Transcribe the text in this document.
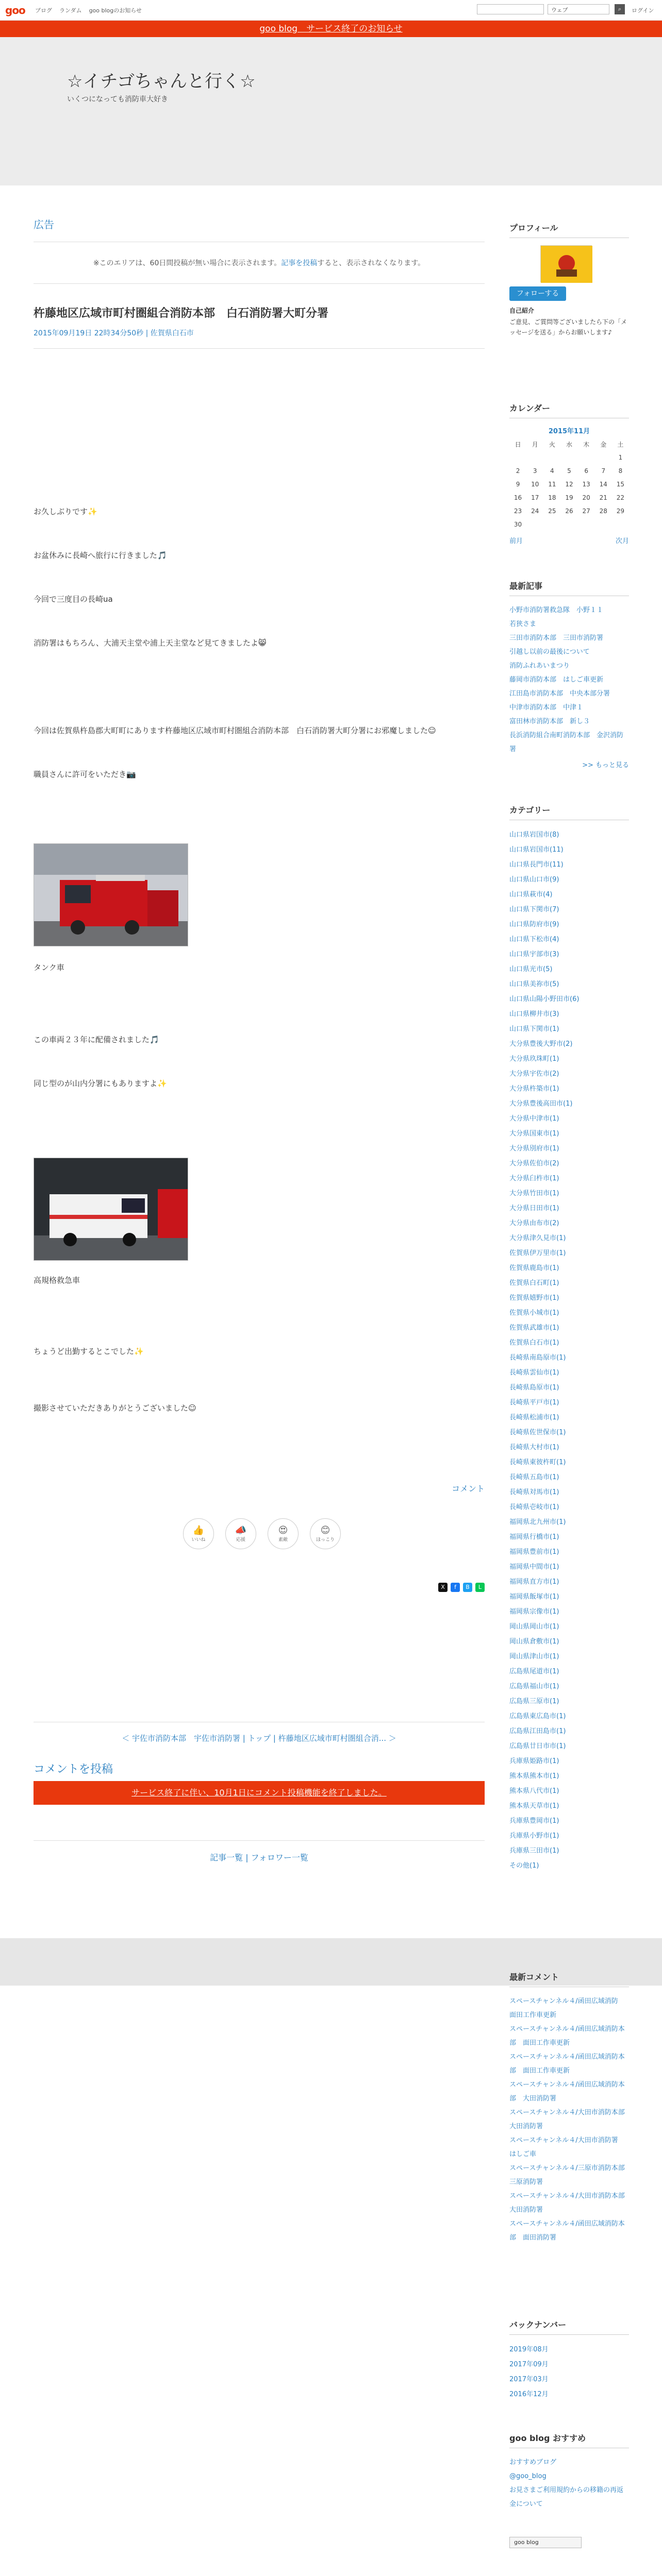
goo ブログ ランダム goo blogのお知らせ	ウェブ	⌕	ログイン
goo blog　サービス終了のお知らせ
☆イチゴちゃんと行く☆
いくつになっても消防車大好き
広告
※このエリアは、60日間投稿が無い場合に表示されます。記事を投稿すると、表示されなくなります。
杵藤地区広域市町村圏組合消防本部　白石消防署大町分署
2015年09月19日 22時34分50秒 | 佐賀県白石市
お久しぶりです✨
お盆休みに長崎へ旅行に行きました🎵
今回で三度目の長崎ua
消防署はもちろん、大浦天主堂や浦上天主堂など見てきましたよ😸
今回は佐賀県杵島郡大町町にあります杵藤地区広域市町村圏組合消防本部　白石消防署大町分署にお邪魔しました☺
職員さんに許可をいただき📷
タンク車
この車両２３年に配備されました🎵
同じ型のが山内分署にもありますよ✨
高規格救急車
ちょうど出勤するとこでした✨
撮影させていただきありがとうございました☺
コメント
👍
いいね
📣
応援
😍
素敵
😊
ほっこり
X	f	B	L
＜ 宇佐市消防本部　宇佐市消防署 | トップ | 杵藤地区広域市町村圏組合消... ＞
コメントを投稿
サービス終了に伴い、10月1日にコメント投稿機能を終了しました。
記事一覧 | フォロワー一覧
プロフィール
フォローする
自己紹介
ご意見、ご質問等ございましたら下の「メッセージを送る」からお願いします♪
カレンダー
2015年11月
日	月	火	水	木	金	土
						1
2	3	4	5	6	7	8
9	10	11	12	13	14	15
16	17	18	19	20	21	22
23	24	25	26	27	28	29
30						
前月	次月
最新記事
小野市消防署救急隊　小野１１
若狭さま
三田市消防本部　三田市消防署
引越し以前の最後について
消防ふれあいまつり
藤岡市消防本部　はしご車更新
江田島市消防本部　中央本部分署
中津市消防本部　中津１
富田林市消防本部　新し３
長浜消防組合南町消防本部　金沢消防署
>> もっと見る
カテゴリー
山口県岩国市(8)
山口県岩国市(11)
山口県長門市(11)
山口県山口市(9)
山口県萩市(4)
山口県下関市(7)
山口県防府市(9)
山口県下松市(4)
山口県宇部市(3)
山口県光市(5)
山口県美祢市(5)
山口県山陽小野田市(6)
山口県柳井市(3)
山口県下関市(1)
大分県豊後大野市(2)
大分県玖珠町(1)
大分県宇佐市(2)
大分県杵築市(1)
大分県豊後高田市(1)
大分県中津市(1)
大分県国東市(1)
大分県別府市(1)
大分県佐伯市(2)
大分県臼杵市(1)
大分県竹田市(1)
大分県日田市(1)
大分県由布市(2)
大分県津久見市(1)
佐賀県伊万里市(1)
佐賀県鹿島市(1)
佐賀県白石町(1)
佐賀県嬉野市(1)
佐賀県小城市(1)
佐賀県武雄市(1)
佐賀県白石市(1)
長崎県南島原市(1)
長崎県雲仙市(1)
長崎県島原市(1)
長崎県平戸市(1)
長崎県松浦市(1)
長崎県佐世保市(1)
長崎県大村市(1)
長崎県東彼杵町(1)
長崎県五島市(1)
長崎県対馬市(1)
長崎県壱岐市(1)
福岡県北九州市(1)
福岡県行橋市(1)
福岡県豊前市(1)
福岡県中間市(1)
福岡県直方市(1)
福岡県飯塚市(1)
福岡県宗像市(1)
岡山県岡山市(1)
岡山県倉敷市(1)
岡山県津山市(1)
広島県尾道市(1)
広島県福山市(1)
広島県三原市(1)
広島県東広島市(1)
広島県江田島市(1)
広島県廿日市市(1)
兵庫県姫路市(1)
熊本県熊本市(1)
熊本県八代市(1)
熊本県天草市(1)
兵庫県豊岡市(1)
兵庫県小野市(1)
兵庫県三田市(1)
その他(1)
最新コメント
スペースチャンネル４/函田広域消防　面田工作車更新
スペースチャンネル４/函田広域消防本部　面田工作車更新
スペースチャンネル４/函田広域消防本部　面田工作車更新
スペースチャンネル４/函田広域消防本部　大田消防署
スペースチャンネル４/大田市消防本部　大田消防署
スペースチャンネル４/大田市消防署　はしご車
スペースチャンネル４/三原市消防本部　三原消防署
スペースチャンネル４/大田市消防本部　大田消防署
スペースチャンネル４/函田広域消防本部　面田消防署
バックナンバー
2019年08月
2017年09月
2017年03月
2016年12月
goo blog おすすめ
おすすめブログ
@goo_blog
お見さまご利用規約からの移籍の再返金について
goo blog
